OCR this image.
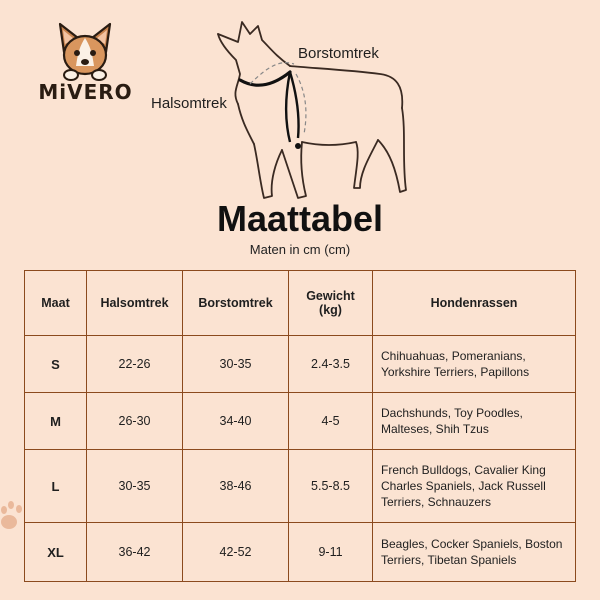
MiVERO Halsomtrek
Borstomtrek
Maattabel
Maten in cm (cm)
Maat	Halsomtrek	Borstomtrek	Gewicht
(kg)	Hondenrassen
S	22-26	30-35	2.4-3.5	Chihuahuas, Pomeranians,
Yorkshire Terriers, Papillons
M	26-30	34-40	4-5	Dachshunds, Toy Poodles,
Malteses, Shih Tzus
L	30-35	38-46	5.5-8.5	French Bulldogs, Cavalier King
Charles Spaniels, Jack Russell
Terriers, Schnauzers
XL	36-42	42-52	9-11	Beagles, Cocker Spaniels, Boston
Terriers, Tibetan Spaniels
